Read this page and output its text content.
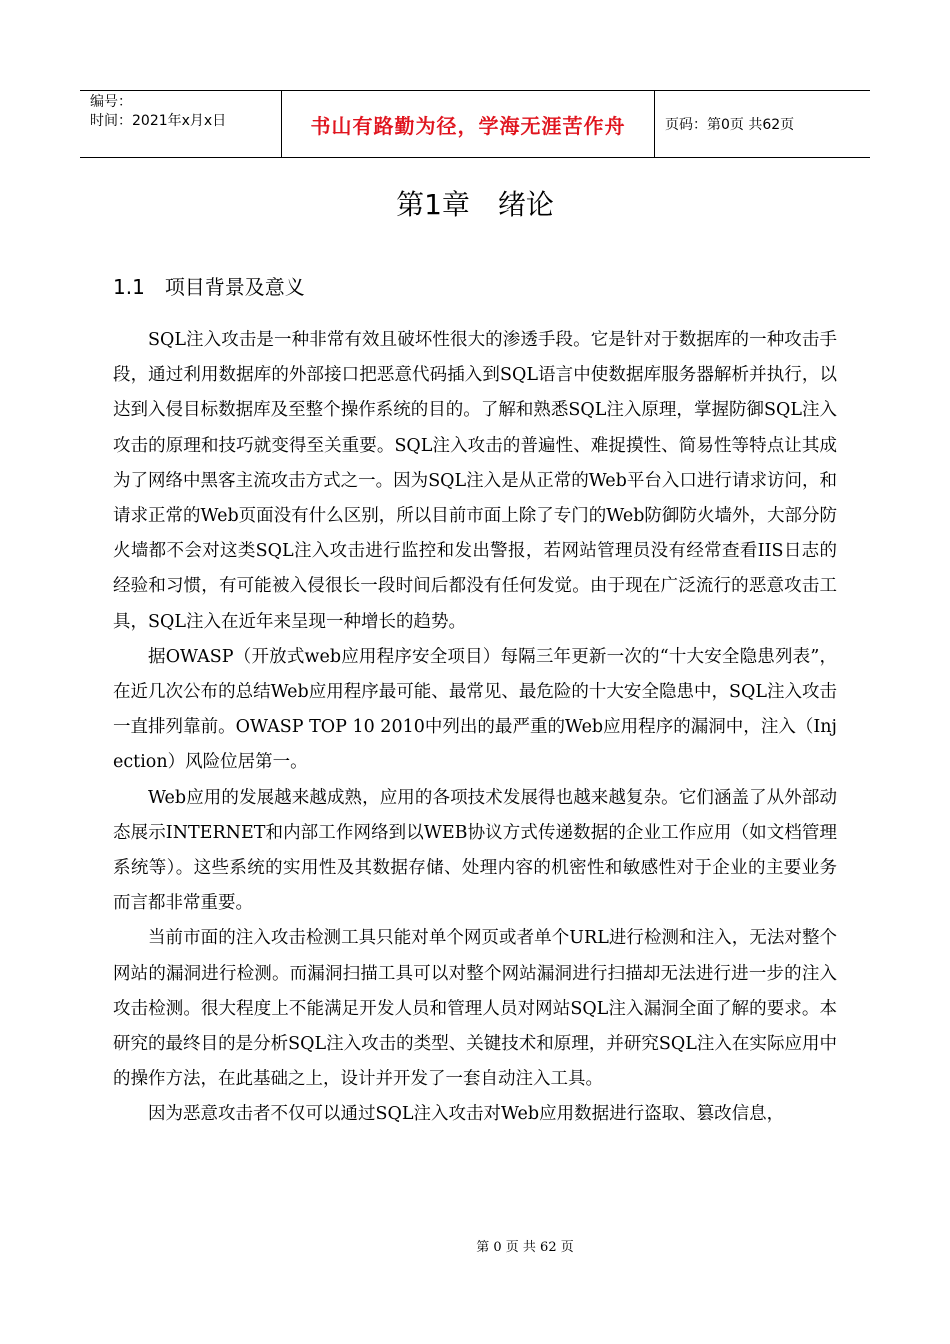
编号：
时间：2021年x月x日	书山有路勤为径，学海无涯苦作舟	页码：第0页 共62页
第1章　绪论
1.1 项目背景及意义

SQL注入攻击是一种非常有效且破坏性很大的渗透手段。它是针对于数据库的一种攻击手段，通过利用数据库的外部接口把恶意代码插入到SQL语言中使数据库服务器解析并执行，以达到入侵目标数据库及至整个操作系统的目的。了解和熟悉SQL注入原理，掌握防御SQL注入攻击的原理和技巧就变得至关重要。SQL注入攻击的普遍性、难捉摸性、简易性等特点让其成为了网络中黑客主流攻击方式之一。因为SQL注入是从正常的Web平台入口进行请求访问，和请求正常的Web页面没有什么区别，所以目前市面上除了专门的Web防御防火墙外，大部分防火墙都不会对这类SQL注入攻击进行监控和发出警报，若网站管理员没有经常查看IIS日志的经验和习惯，有可能被入侵很长一段时间后都没有任何发觉。由于现在广泛流行的恶意攻击工具，SQL注入在近年来呈现一种增长的趋势。

据OWASP（开放式web应用程序安全项目）每隔三年更新一次的“十大安全隐患列表”，在近几次公布的总结Web应用程序最可能、最常见、最危险的十大安全隐患中，SQL注入攻击一直排列靠前。OWASP TOP 10 2010中列出的最严重的Web应用程序的漏洞中，注入（Injection）风险位居第一。

Web应用的发展越来越成熟，应用的各项技术发展得也越来越复杂。它们涵盖了从外部动态展示INTERNET和内部工作网络到以WEB协议方式传递数据的企业工作应用（如文档管理系统等）。这些系统的实用性及其数据存储、处理内容的机密性和敏感性对于企业的主要业务而言都非常重要。

当前市面的注入攻击检测工具只能对单个网页或者单个URL进行检测和注入，无法对整个网站的漏洞进行检测。而漏洞扫描工具可以对整个网站漏洞进行扫描却无法进行进一步的注入攻击检测。很大程度上不能满足开发人员和管理人员对网站SQL注入漏洞全面了解的要求。本研究的最终目的是分析SQL注入攻击的类型、关键技术和原理，并研究SQL注入在实际应用中的操作方法，在此基础之上，设计并开发了一套自动注入工具。

因为恶意攻击者不仅可以通过SQL注入攻击对Web应用数据进行盗取、篡改信息，

第 0 页 共 62 页
